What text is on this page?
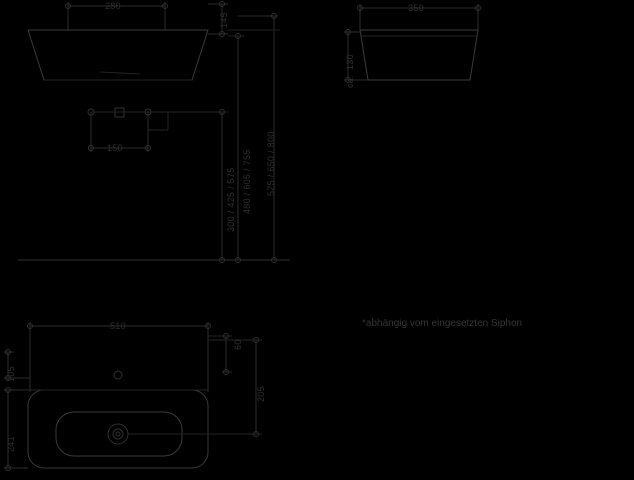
280
145
150
300 / 425 / 575 480 / 605 / 755 525 / 650 / 800
350
130
ca.
510
241
105
60
205
*abhängig vom eingesetzten Siphon
